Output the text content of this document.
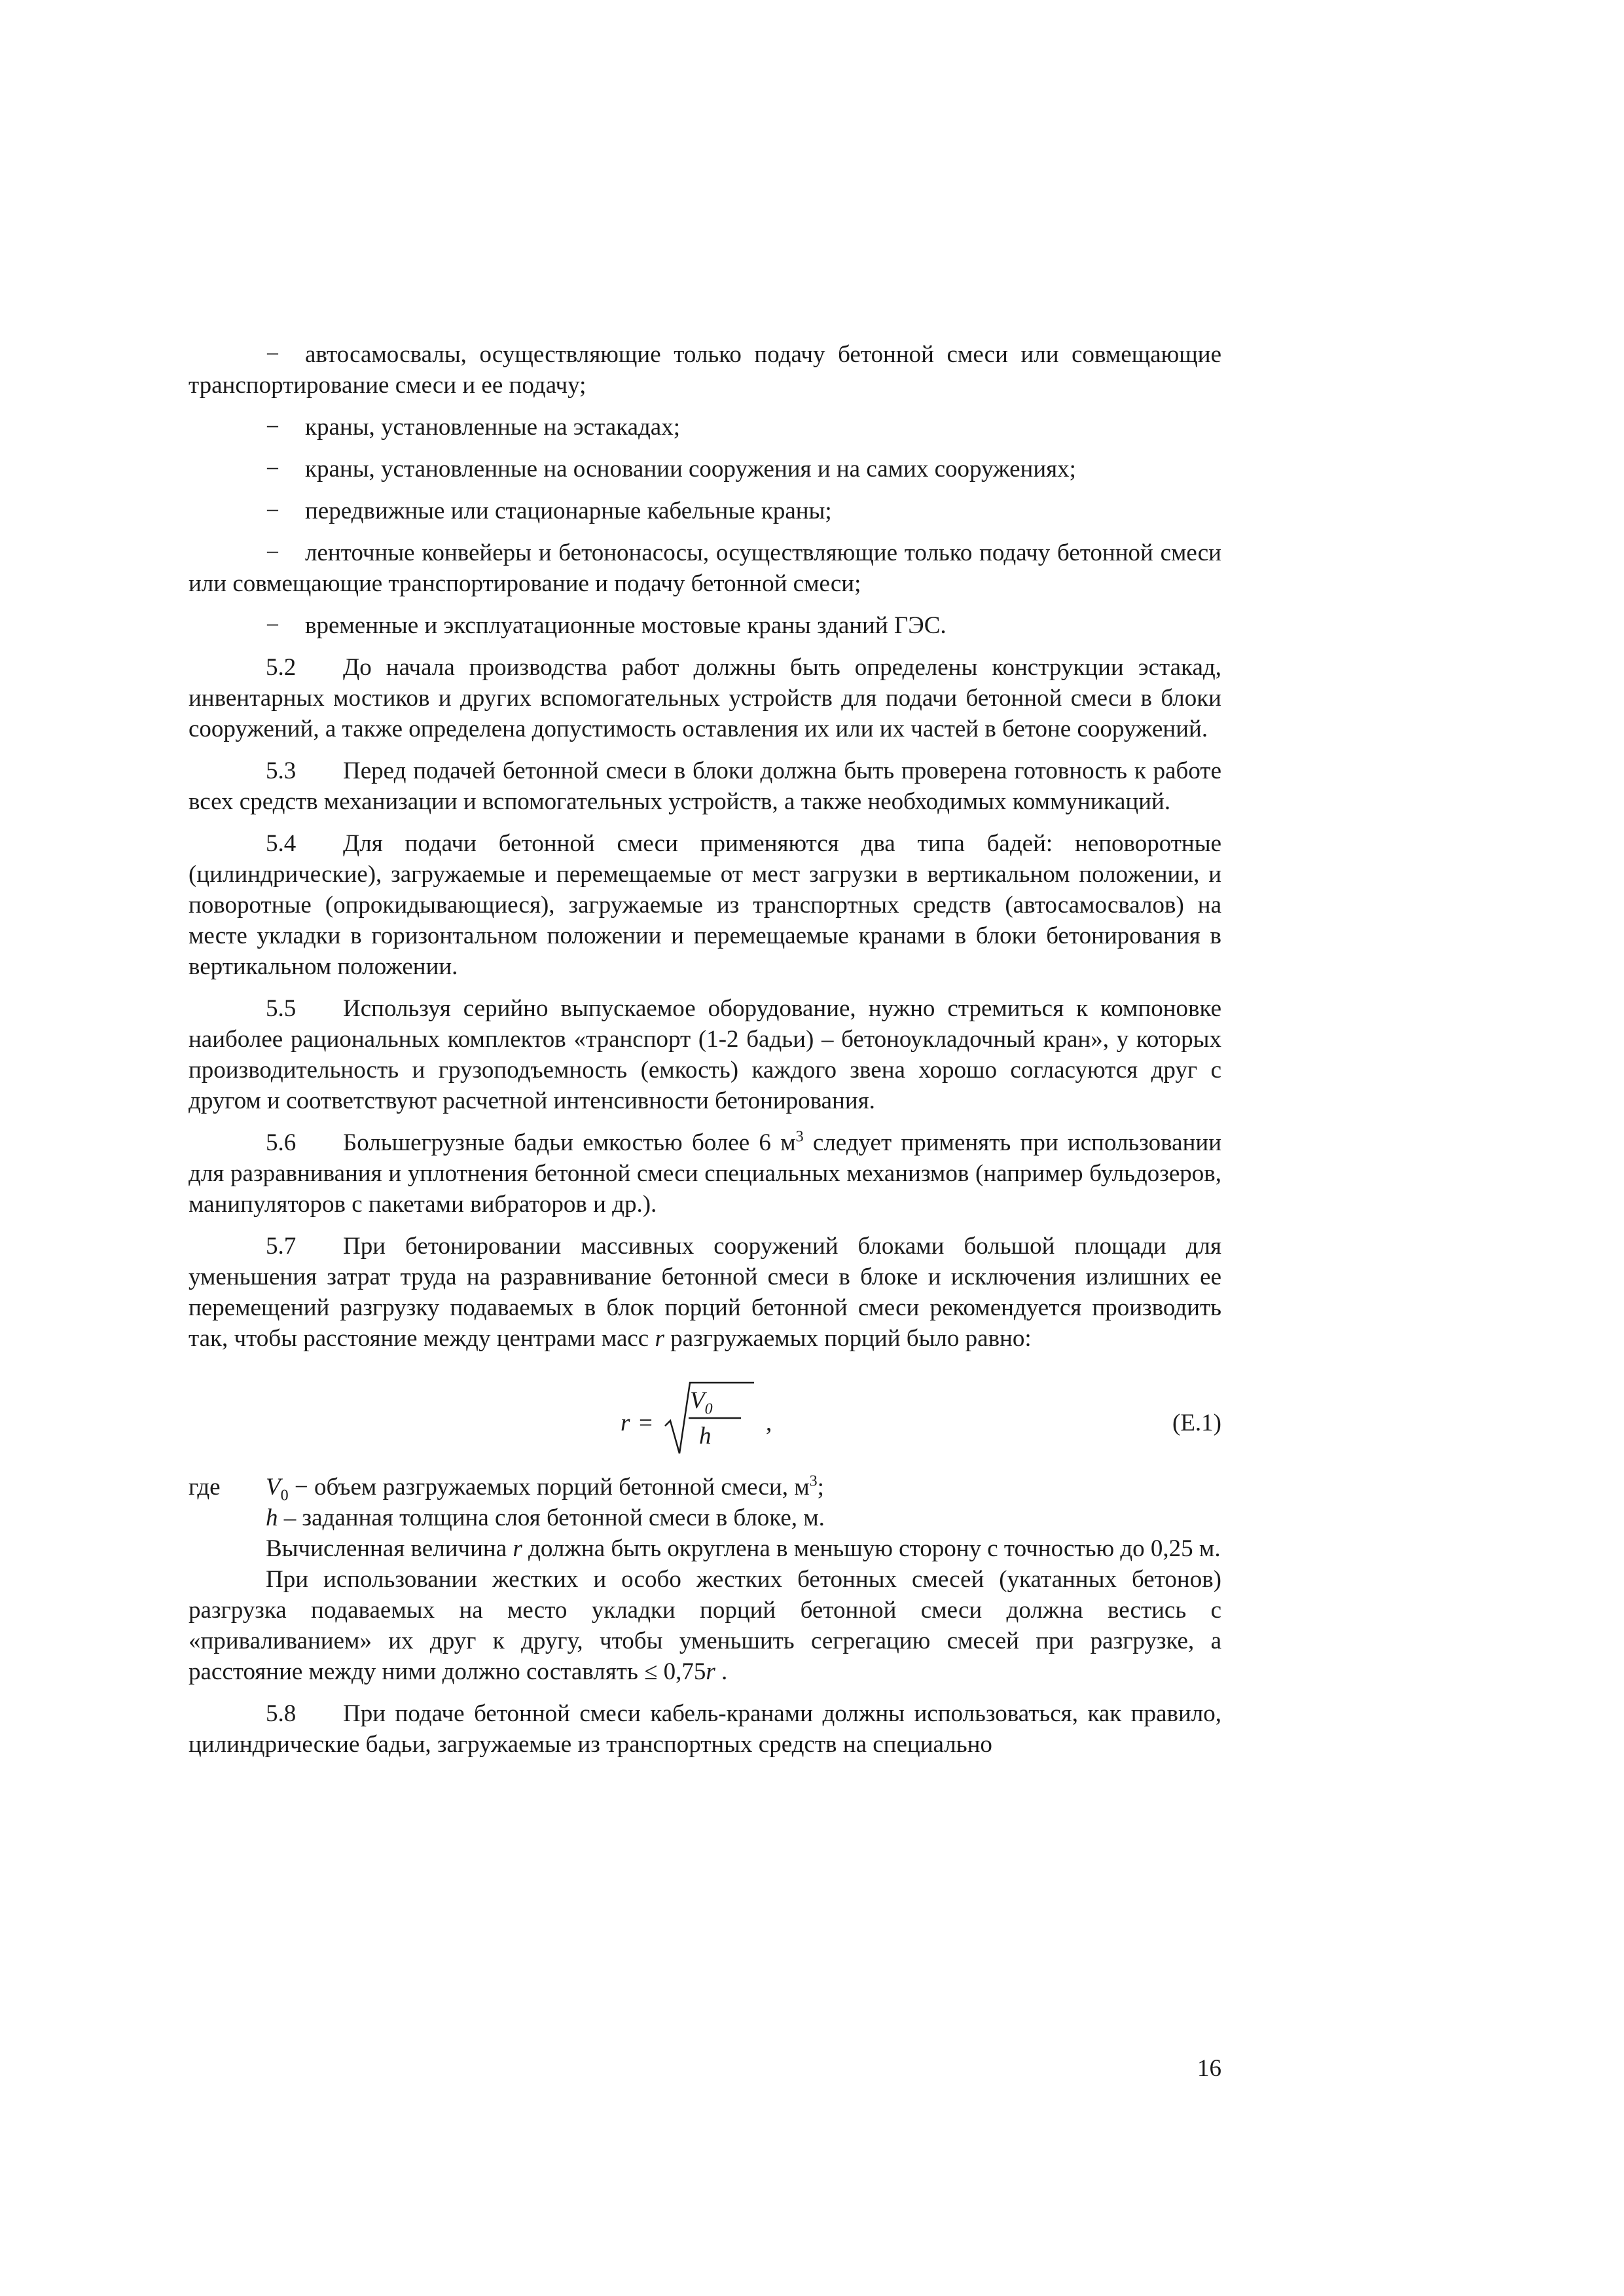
− автосамосвалы, осуществляющие только подачу бетонной смеси или совмещающие транспортирование смеси и ее подачу;

− краны, установленные на эстакадах;

− краны, установленные на основании сооружения и на самих сооружениях;

− передвижные или стационарные кабельные краны;

− ленточные конвейеры и бетононасосы, осуществляющие только подачу бетонной смеси или совмещающие транспортирование и подачу бетонной смеси;

− временные и эксплуатационные мостовые краны зданий ГЭС.

5.2 До начала производства работ должны быть определены конструкции эстакад, инвентарных мостиков и других вспомогательных устройств для подачи бетонной смеси в блоки сооружений, а также определена допустимость оставления их или их частей в бетоне сооружений.

5.3 Перед подачей бетонной смеси в блоки должна быть проверена готовность к работе всех средств механизации и вспомогательных устройств, а также необходимых коммуникаций.

5.4 Для подачи бетонной смеси применяются два типа бадей: неповоротные (цилиндрические), загружаемые и перемещаемые от мест загрузки в вертикальном положении, и поворотные (опрокидывающиеся), загружаемые из транспортных средств (автосамосвалов) на месте укладки в горизонтальном положении и перемещаемые кранами в блоки бетонирования в вертикальном положении.

5.5 Используя серийно выпускаемое оборудование, нужно стремиться к компоновке наиболее рациональных комплектов «транспорт (1-2 бадьи) – бетоноукладочный кран», у которых производительность и грузоподъемность (емкость) каждого звена хорошо согласуются друг с другом и соответствуют расчетной интенсивности бетонирования.

5.6 Большегрузные бадьи емкостью более 6 $м^3$ следует применять при использовании для разравнивания и уплотнения бетонной смеси специальных механизмов (например бульдозеров, манипуляторов с пакетами вибраторов и др.).

5.7 При бетонировании массивных сооружений блоками большой площади для уменьшения затрат труда на разравнивание бетонной смеси в блоке и исключения излишних ее перемещений разгрузку подаваемых в блок порций бетонной смеси рекомендуется производить так, чтобы расстояние между центрами масс r разгружаемых порций было равно:

r =
$V_0$
h ,	(Е.1)
где $V_0$ − объем разгружаемых порций бетонной смеси, $м^3$;

h – заданная толщина слоя бетонной смеси в блоке, м.

Вычисленная величина r должна быть округлена в меньшую сторону с точностью до 0,25 м.

При использовании жестких и особо жестких бетонных смесей (укатанных бетонов) разгрузка подаваемых на место укладки порций бетонной смеси должна вестись с «приваливанием» их друг к другу, чтобы уменьшить сегрегацию смесей при разгрузке, а расстояние между ними должно составлять ≤ 0,75r .

5.8 При подаче бетонной смеси кабель-кранами должны использоваться, как правило, цилиндрические бадьи, загружаемые из транспортных средств на специально

16
